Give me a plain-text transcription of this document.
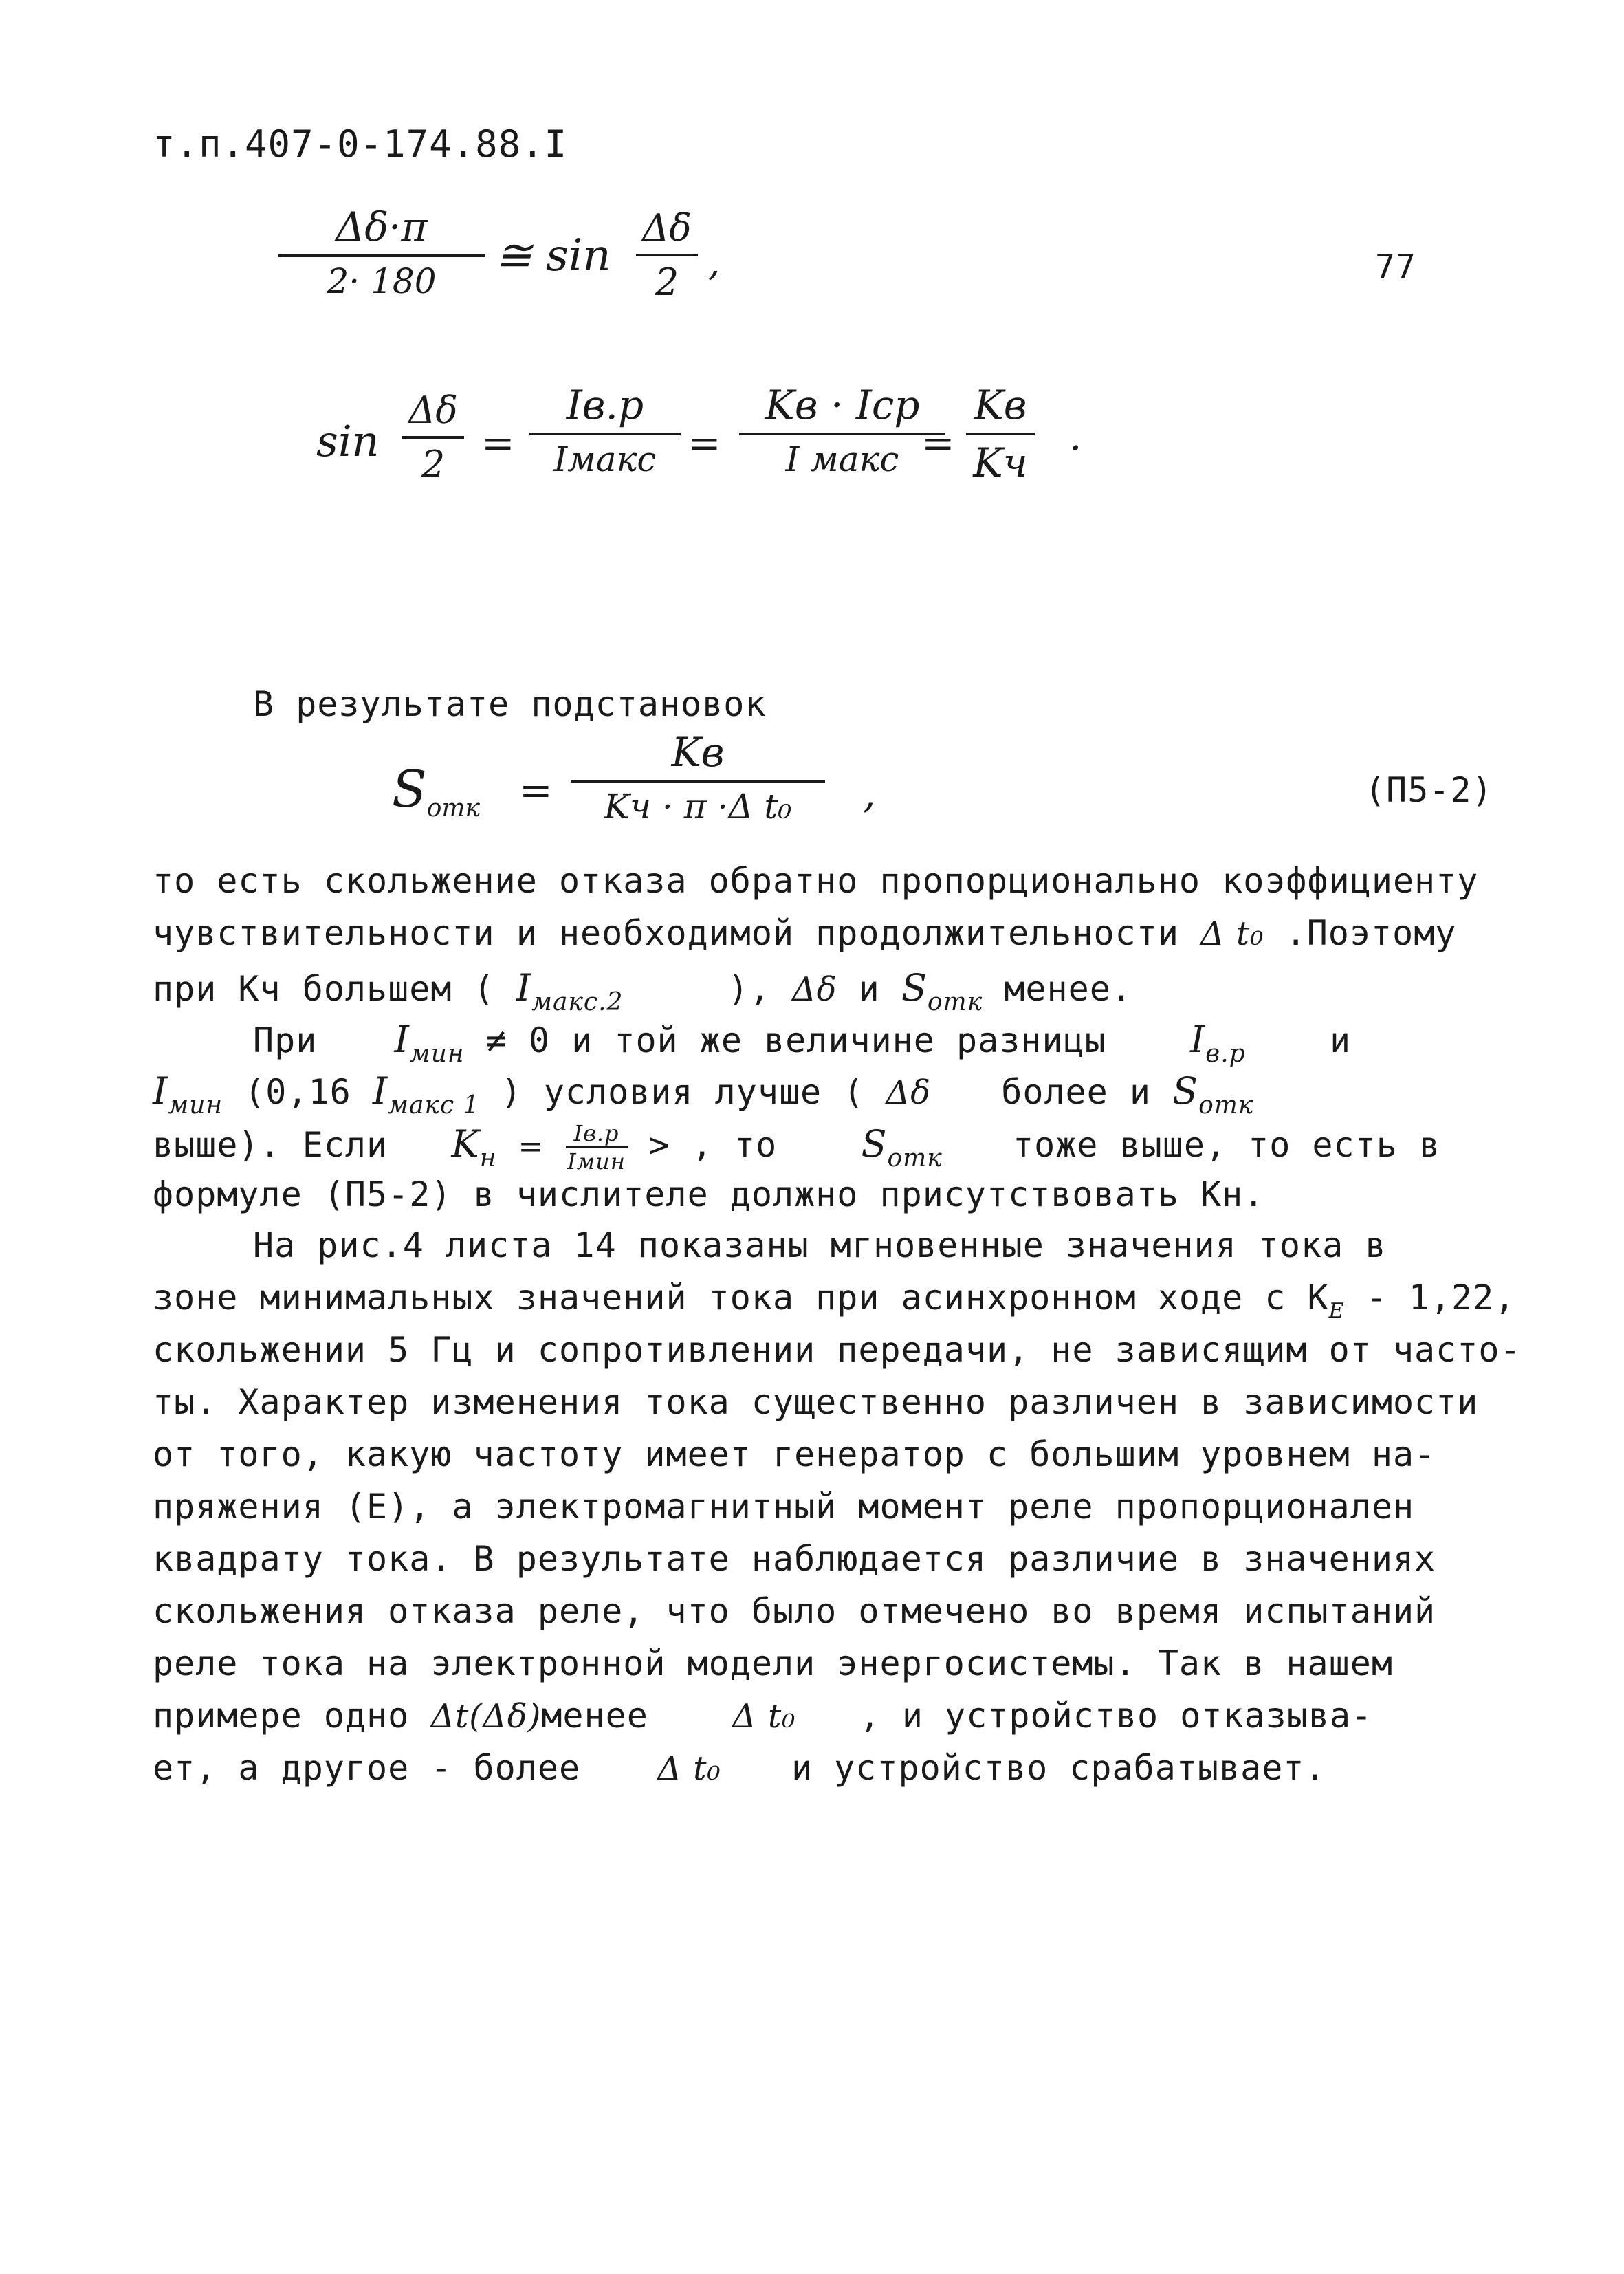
т.п.407-0-174.88.I
77
Δδ·π
2· 180 ≅ sin
Δδ
2 ,
sin
Δδ
2 =
Iв.р
Iмакс =
Kв · Iср
I макс =
Kв
Kч
.
В результате подстановок
$S_{отк}$ =
Kв
Kч · π ·Δ t₀ ,	(П5-2)
то есть скольжение отказа обратно пропорционально коэффициенту
чувствительности и необходимой продолжительности Δ t₀ .Поэтому
при Кч большем ( $I_{макс.2}$	), Δδ и $S_{отк}$ менее.
При $I_{мин} \ne 0$ и той же величине разницы $I_{в.р}$ и
$I_{мин}$ (0,16 $I_{макс 1}$ ) условия лучше ( Δδ более и $S_{отк}$
выше). Если $K_н = Iв.р$
Iмин > , то $S_{отк}$ тоже выше, то есть в
формуле (П5-2) в числителе должно присутствовать Кн.
На рис.4 листа 14 показаны мгновенные значения тока в
зоне минимальных значений тока при асинхронном ходе с $K_E - 1,22$,
скольжении 5 Гц и сопротивлении передачи, не зависящим от часто-
ты. Характер изменения тока существенно различен в зависимости
от того, какую частоту имеет генератор с большим уровнем на-
пряжения (E), а электромагнитный момент реле пропорционален
квадрату тока. В результате наблюдается различие в значениях
скольжения отказа реле, что было отмечено во время испытаний
реле тока на электронной модели энергосистемы. Так в нашем
примере одно Δt(Δδ)менее	Δ t₀ , и устройство отказыва-
ет, а другое - более Δ t₀ и устройство срабатывает.
